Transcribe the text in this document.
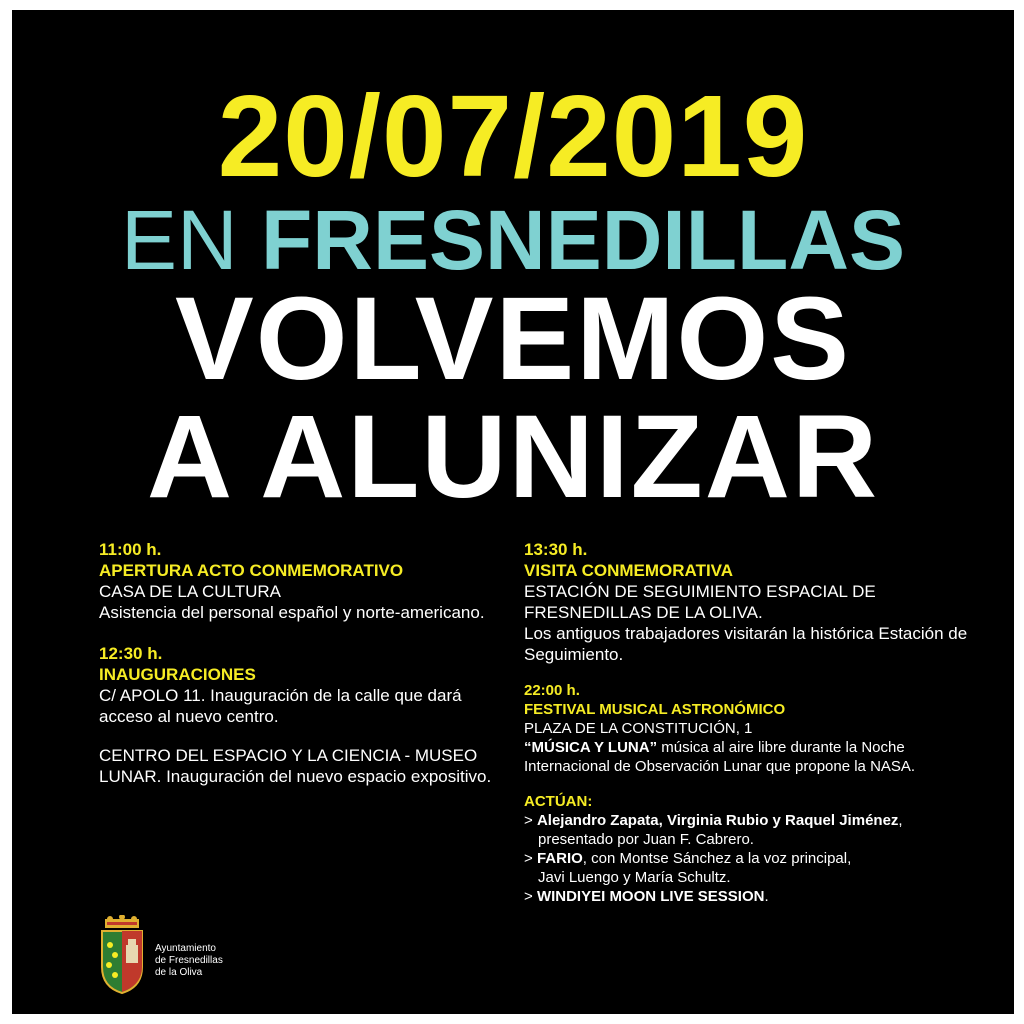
20/07/2019
EN FRESNEDILLAS
VOLVEMOS
A ALUNIZAR
11:00 h.
APERTURA ACTO CONMEMORATIVO
CASA DE LA CULTURA
Asistencia del personal español y norte-americano.
12:30 h.
INAUGURACIONES
C/ APOLO 11. Inauguración de la calle que dará acceso al nuevo centro.
CENTRO DEL ESPACIO Y LA CIENCIA - MUSEO LUNAR. Inauguración del nuevo espacio expositivo.
13:30 h.
VISITA CONMEMORATIVA
ESTACIÓN DE SEGUIMIENTO ESPACIAL DE FRESNEDILLAS DE LA OLIVA.
Los antiguos trabajadores visitarán la histórica Estación de Seguimiento.
22:00 h.
FESTIVAL MUSICAL ASTRONÓMICO
PLAZA DE LA CONSTITUCIÓN, 1
“MÚSICA Y LUNA” música al aire libre durante la Noche Internacional de Observación Lunar que propone la NASA.
ACTÚAN:
> Alejandro Zapata, Virginia Rubio y Raquel Jiménez,
presentado por Juan F. Cabrero.
> FARIO, con Montse Sánchez a la voz principal,
Javi Luengo y María Schultz.
> WINDIYEI MOON LIVE SESSION.
Ayuntamiento
de Fresnedillas
de la Oliva
